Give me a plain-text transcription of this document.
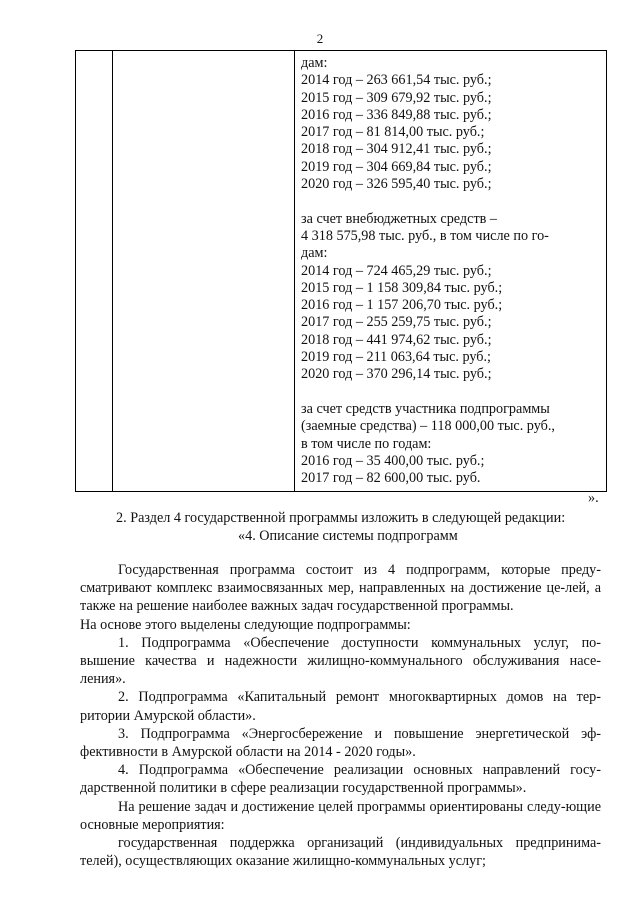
2
дам:
2014 год – 263 661,54 тыс. руб.;
2015 год – 309 679,92 тыс. руб.;
2016 год – 336 849,88 тыс. руб.;
2017 год – 81 814,00 тыс. руб.;
2018 год – 304 912,41 тыс. руб.;
2019 год – 304 669,84 тыс. руб.;
2020 год – 326 595,40 тыс. руб.;
за счет внебюджетных средств –
4 318 575,98 тыс. руб., в том числе по го-
дам:
2014 год – 724 465,29 тыс. руб.;
2015 год – 1 158 309,84 тыс. руб.;
2016 год – 1 157 206,70 тыс. руб.;
2017 год – 255 259,75 тыс. руб.;
2018 год – 441 974,62 тыс. руб.;
2019 год – 211 063,64 тыс. руб.;
2020 год – 370 296,14 тыс. руб.;
за счет средств участника подпрограммы
(заемные средства) – 118 000,00 тыс. руб.,
в том числе по годам:
2016 год – 35 400,00 тыс. руб.;
2017 год – 82 600,00 тыс. руб.
».
2. Раздел 4 государственной программы изложить в следующей редакции:
«4. Описание системы подпрограмм

Государственная программа состоит из 4 подпрограмм, которые преду-сматривают комплекс взаимосвязанных мер, направленных на достижение це-лей, а также на решение наиболее важных задач государственной программы.

На основе этого выделены следующие подпрограммы:

1. Подпрограмма «Обеспечение доступности коммунальных услуг, по-вышение качества и надежности жилищно-коммунального обслуживания насе-ления».

2. Подпрограмма «Капитальный ремонт многоквартирных домов на тер-ритории Амурской области».

3. Подпрограмма «Энергосбережение и повышение энергетической эф-фективности в Амурской области на 2014 - 2020 годы».

4. Подпрограмма «Обеспечение реализации основных направлений госу-дарственной политики в сфере реализации государственной программы».

На решение задач и достижение целей программы ориентированы следу-ющие основные мероприятия:

государственная поддержка организаций (индивидуальных предпринима-телей), осуществляющих оказание жилищно-коммунальных услуг;
